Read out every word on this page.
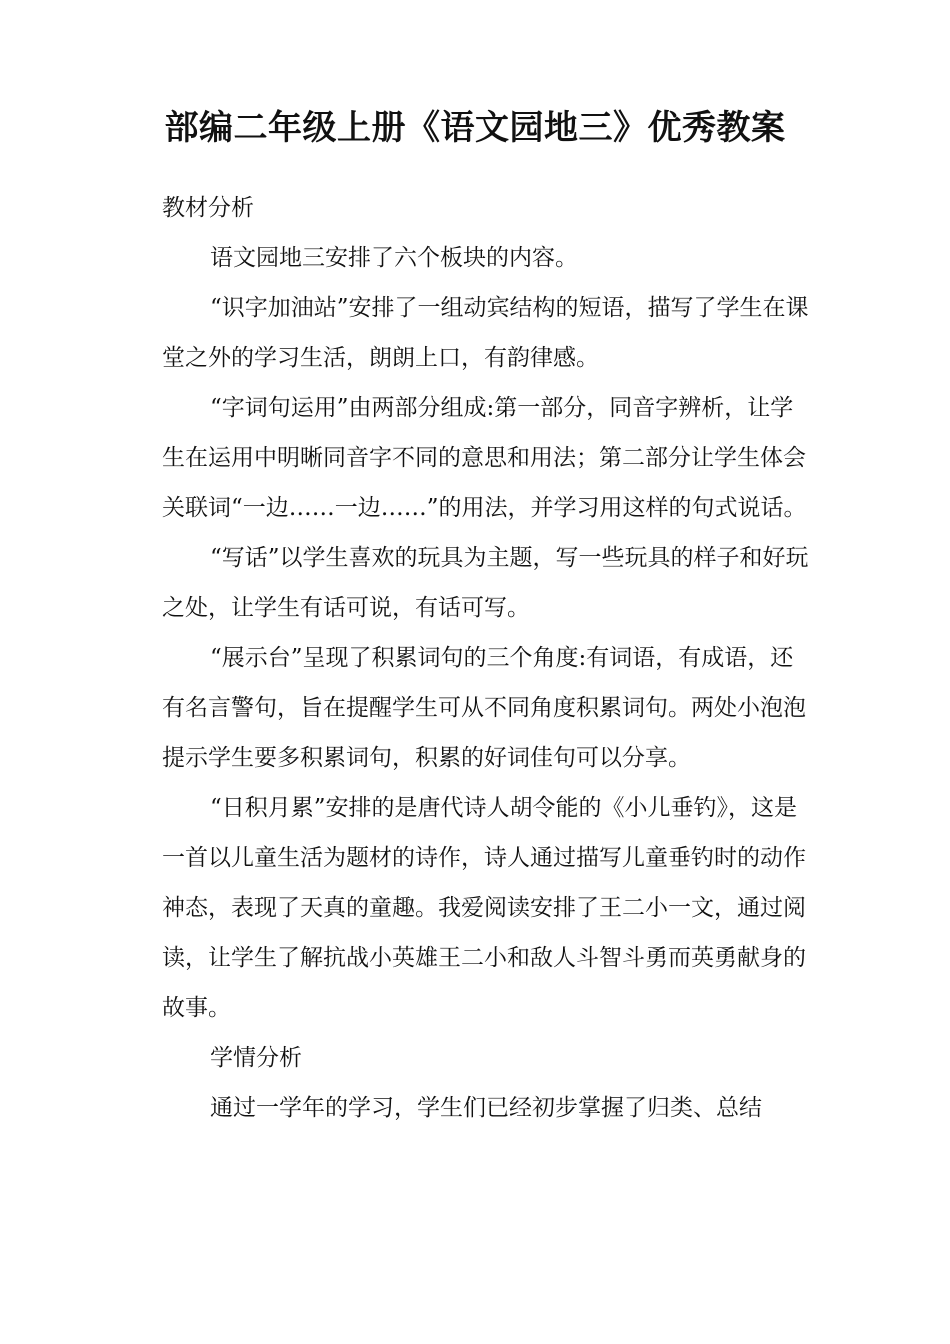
部编二年级上册《语文园地三》优秀教案

教材分析

语文园地三安排了六个板块的内容。

“识字加油站”安排了一组动宾结构的短语，描写了学生在课堂之外的学习生活，朗朗上口，有韵律感。

“字词句运用”由两部分组成:第一部分，同音字辨析，让学生在运用中明晰同音字不同的意思和用法；第二部分让学生体会关联词“一边……一边……”的用法，并学习用这样的句式说话。

“写话”以学生喜欢的玩具为主题，写一些玩具的样子和好玩之处，让学生有话可说，有话可写。

“展示台”呈现了积累词句的三个角度:有词语，有成语，还有名言警句，旨在提醒学生可从不同角度积累词句。两处小泡泡提示学生要多积累词句，积累的好词佳句可以分享。

“日积月累”安排的是唐代诗人胡令能的《小儿垂钓》，这是一首以儿童生活为题材的诗作，诗人通过描写儿童垂钓时的动作神态，表现了天真的童趣。我爱阅读安排了王二小一文，通过阅读，让学生了解抗战小英雄王二小和敌人斗智斗勇而英勇献身的故事。

学情分析

通过一学年的学习，学生们已经初步掌握了归类、总结
